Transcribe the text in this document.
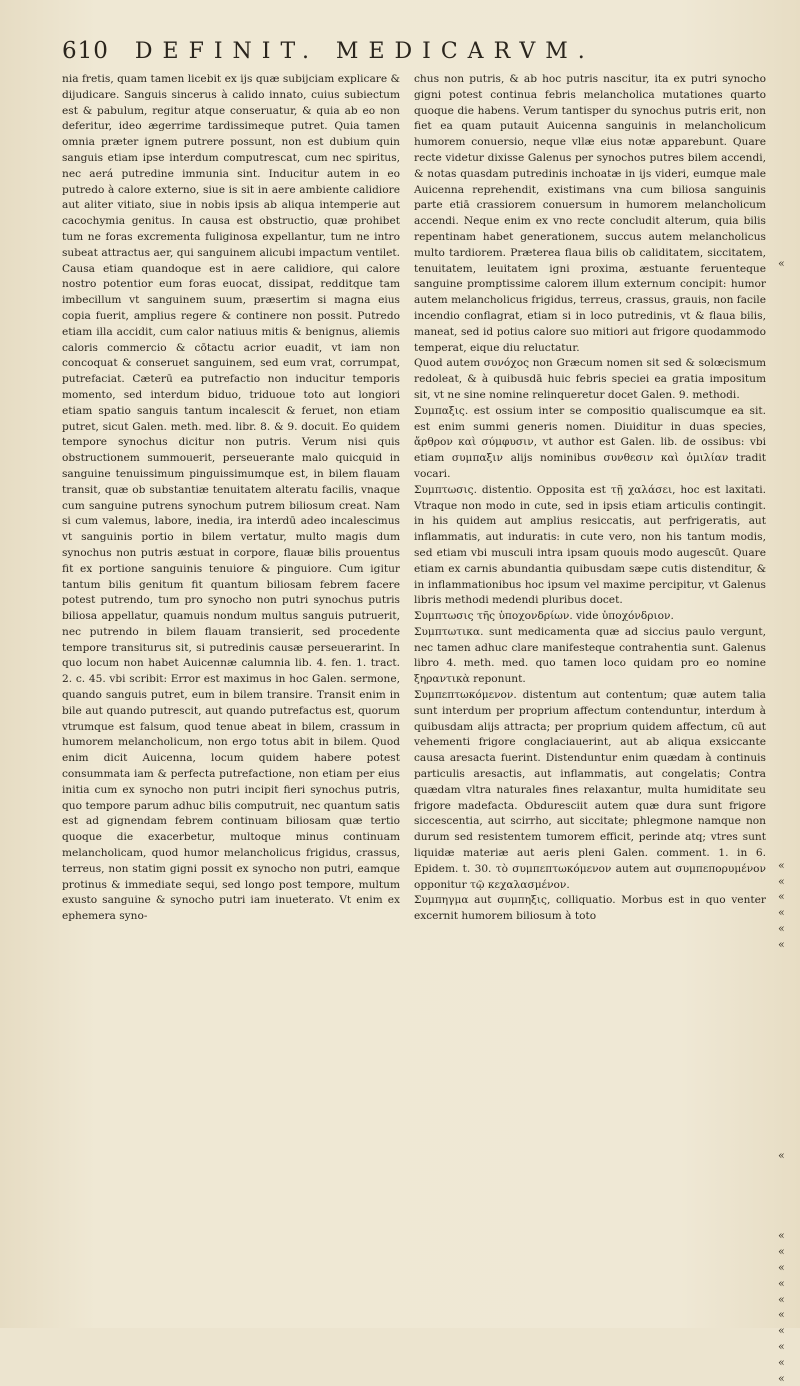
610 DEFINIT. MEDICARVM.

nia fretis, quam tamen licebit ex ijs quæ subijciam explicare & dijudicare. Sanguis sincerus à calido innato, cuius subiectum est & pabulum, regitur atque conseruatur, & quia ab eo non deferitur, ideo ægerrime tardissimeque putret. Quia tamen omnia præter ignem putrere possunt, non est dubium quin sanguis etiam ipse interdum computrescat, cum nec spiritus, nec aerá putredine immunia sint. Inducitur autem in eo putredo à calore externo, siue is sit in aere ambiente calidiore aut aliter vitiato, siue in nobis ipsis ab aliqua intemperie aut cacochymia genitus. In causa est obstructio, quæ prohibet tum ne foras excrementa fuliginosa expellantur, tum ne intro subeat attractus aer, qui sanguinem alicubi impactum ventilet. Causa etiam quandoque est in aere calidiore, qui calore nostro potentior eum foras euocat, dissipat, redditque tam imbecillum vt sanguinem suum, præsertim si magna eius copia fuerit, amplius regere & continere non possit. Putredo etiam illa accidit, cum calor natiuus mitis & benignus, aliemis caloris commercio & cōtactu acrior euadit, vt iam non concoquat & conseruet sanguinem, sed eum vrat, corrumpat, putrefaciat. Cæterū ea putrefactio non inducitur temporis momento, sed interdum biduo, triduoue toto aut longiori etiam spatio sanguis tantum incalescit & feruet, non etiam putret, sicut Galen. meth. med. libr. 8. & 9. docuit. Eo quidem tempore synochus dicitur non putris. Verum nisi quis obstructionem summouerit, perseuerante malo quicquid in sanguine tenuissimum pinguissimumque est, in bilem flauam transit, quæ ob substantiæ tenuitatem alteratu facilis, vnaque cum sanguine putrens synochum putrem biliosum creat. Nam si cum valemus, labore, inedia, ira interdū adeo incalescimus vt sanguinis portio in bilem vertatur, multo magis dum synochus non putris æstuat in corpore, flauæ bilis prouentus fit ex portione sanguinis tenuiore & pinguiore. Cum igitur tantum bilis genitum fit quantum biliosam febrem facere potest putrendo, tum pro synocho non putri synochus putris biliosa appellatur, quamuis nondum multus sanguis putruerit, nec putrendo in bilem flauam transierit, sed procedente tempore transiturus sit, si putredinis causæ perseuerarint. In quo locum non habet Auicennæ calumnia lib. 4. fen. 1. tract. 2. c. 45. vbi scribit: Error est maximus in hoc Galen. sermone, quando sanguis putret, eum in bilem transire. Transit enim in bile aut quando putrescit, aut quando putrefactus est, quorum vtrumque est falsum, quod tenue abeat in bilem, crassum in humorem melancholicum, non ergo totus abit in bilem. Quod enim dicit Auicenna, locum quidem habere potest consummata iam & perfecta putrefactione, non etiam per eius initia cum ex synocho non putri incipit fieri synochus putris, quo tempore parum adhuc bilis computruit, nec quantum satis est ad gignendam febrem continuam biliosam quæ tertio quoque die exacerbetur, multoque minus continuam melancholicam, quod humor melancholicus frigidus, crassus, terreus, non statim gigni possit ex synocho non putri, eamque protinus & immediate sequi, sed longo post tempore, multum exusto sanguine & synocho putri iam inueterato. Vt enim ex ephemera syno-

chus non putris, & ab hoc putris nascitur, ita ex putri synocho gigni potest continua febris melancholica mutationes quarto quoque die habens. Verum tantisper du synochus putris erit, non fiet ea quam putauit Auicenna sanguinis in melancholicum humorem conuersio, neque vllæ eius notæ apparebunt. Quare recte videtur dixisse Galenus per synochos putres bilem accendi, & notas quasdam putredinis inchoatæ in ijs videri, eumque male Auicenna reprehendit, existimans vna cum biliosa sanguinis parte etiā crassiorem conuersum in humorem melancholicum accendi. Neque enim ex vno recte concludit alterum, quia bilis repentinam habet generationem, succus autem melancholicus multo tardiorem. Præterea flaua bilis ob caliditatem, siccitatem, tenuitatem, leuitatem igni proxima, æstuante feruenteque sanguine promptissime calorem illum externum concipit: humor autem melancholicus frigidus, terreus, crassus, grauis, non facile incendio conflagrat, etiam si in loco putredinis, vt & flaua bilis, maneat, sed id potius calore suo mitiori aut frigore quodammodo temperat, eique diu reluctatur.

Quod autem συνόχος non Græcum nomen sit sed & solœcismum redoleat, & à quibusdā huic febris speciei ea gratia impositum sit, vt ne sine nomine relinqueretur docet Galen. 9. methodi.

Συμπαξις. est ossium inter se compositio qualiscumque ea sit. est enim summi generis nomen. Diuiditur in duas species, ἄρθρον καὶ σύμφυσιν, vt author est Galen. lib. de ossibus: vbi etiam συμπαξιν alijs nominibus συνθεσιν καὶ ὁμιλίαν tradit vocari.

Συμπτωσις. distentio. Opposita est τῇ χαλάσει, hoc est laxitati. Vtraque non modo in cute, sed in ipsis etiam articulis contingit. in his quidem aut amplius resiccatis, aut perfrigeratis, aut inflammatis, aut induratis: in cute vero, non his tantum modis, sed etiam vbi musculi intra ipsam quouis modo augescūt. Quare etiam ex carnis abundantia quibusdam sæpe cutis distenditur, & in inflammationibus hoc ipsum vel maxime percipitur, vt Galenus libris methodi medendi pluribus docet.

Συμπτωσις τῆς ὑποχονδρίων. vide ὑποχόνδριον.

Συμπτωτικα. sunt medicamenta quæ ad siccius paulo vergunt, nec tamen adhuc clare manifesteque contrahentia sunt. Galenus libro 4. meth. med. quo tamen loco quidam pro eo nomine ξηραντικὰ reponunt.

Συμπεπτωκόμενον. distentum aut contentum; quæ autem talia sunt interdum per proprium affectum contenduntur, interdum à quibusdam alijs attracta; per proprium quidem affectum, cū aut vehementi frigore conglaciauerint, aut ab aliqua exsiccante causa aresacta fuerint. Distenduntur enim quædam à continuis particulis aresactis, aut inflammatis, aut congelatis; Contra quædam vltra naturales fines relaxantur, multa humiditate seu frigore madefacta. Obduresciit autem quæ dura sunt frigore siccescentia, aut scirrho, aut siccitate; phlegmone namque non durum sed resistentem tumorem efficit, perinde atq; vtres sunt liquidæ materiæ aut aeris pleni Galen. comment. 1. in 6. Epidem. t. 30. τὸ συμπεπτωκόμενον autem aut συμπεπορυμένον opponitur τῷ κεχαλασμένον.

Συμπηγμα aut συμπηξις, colliquatio. Morbus est in quo venter excernit humorem biliosum à toto

«
«
«
«
«
«
«
«
«
«
«
«
«
«
«
«
«
«
